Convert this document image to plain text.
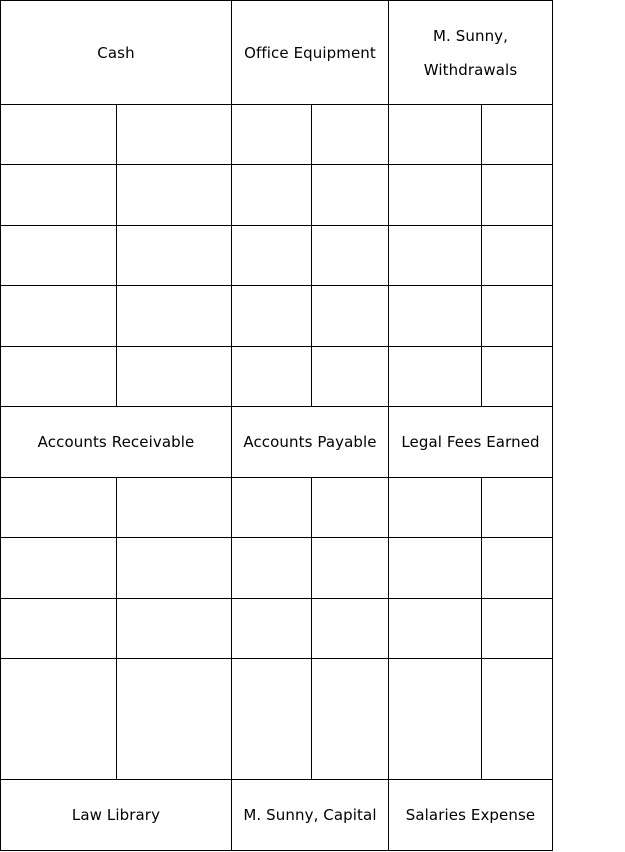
Cash		Office Equipment		M. Sunny,
Withdrawals	

Accounts Receivable		Accounts Payable		Legal Fees Earned	

Law Library		M. Sunny, Capital		Salaries Expense	
